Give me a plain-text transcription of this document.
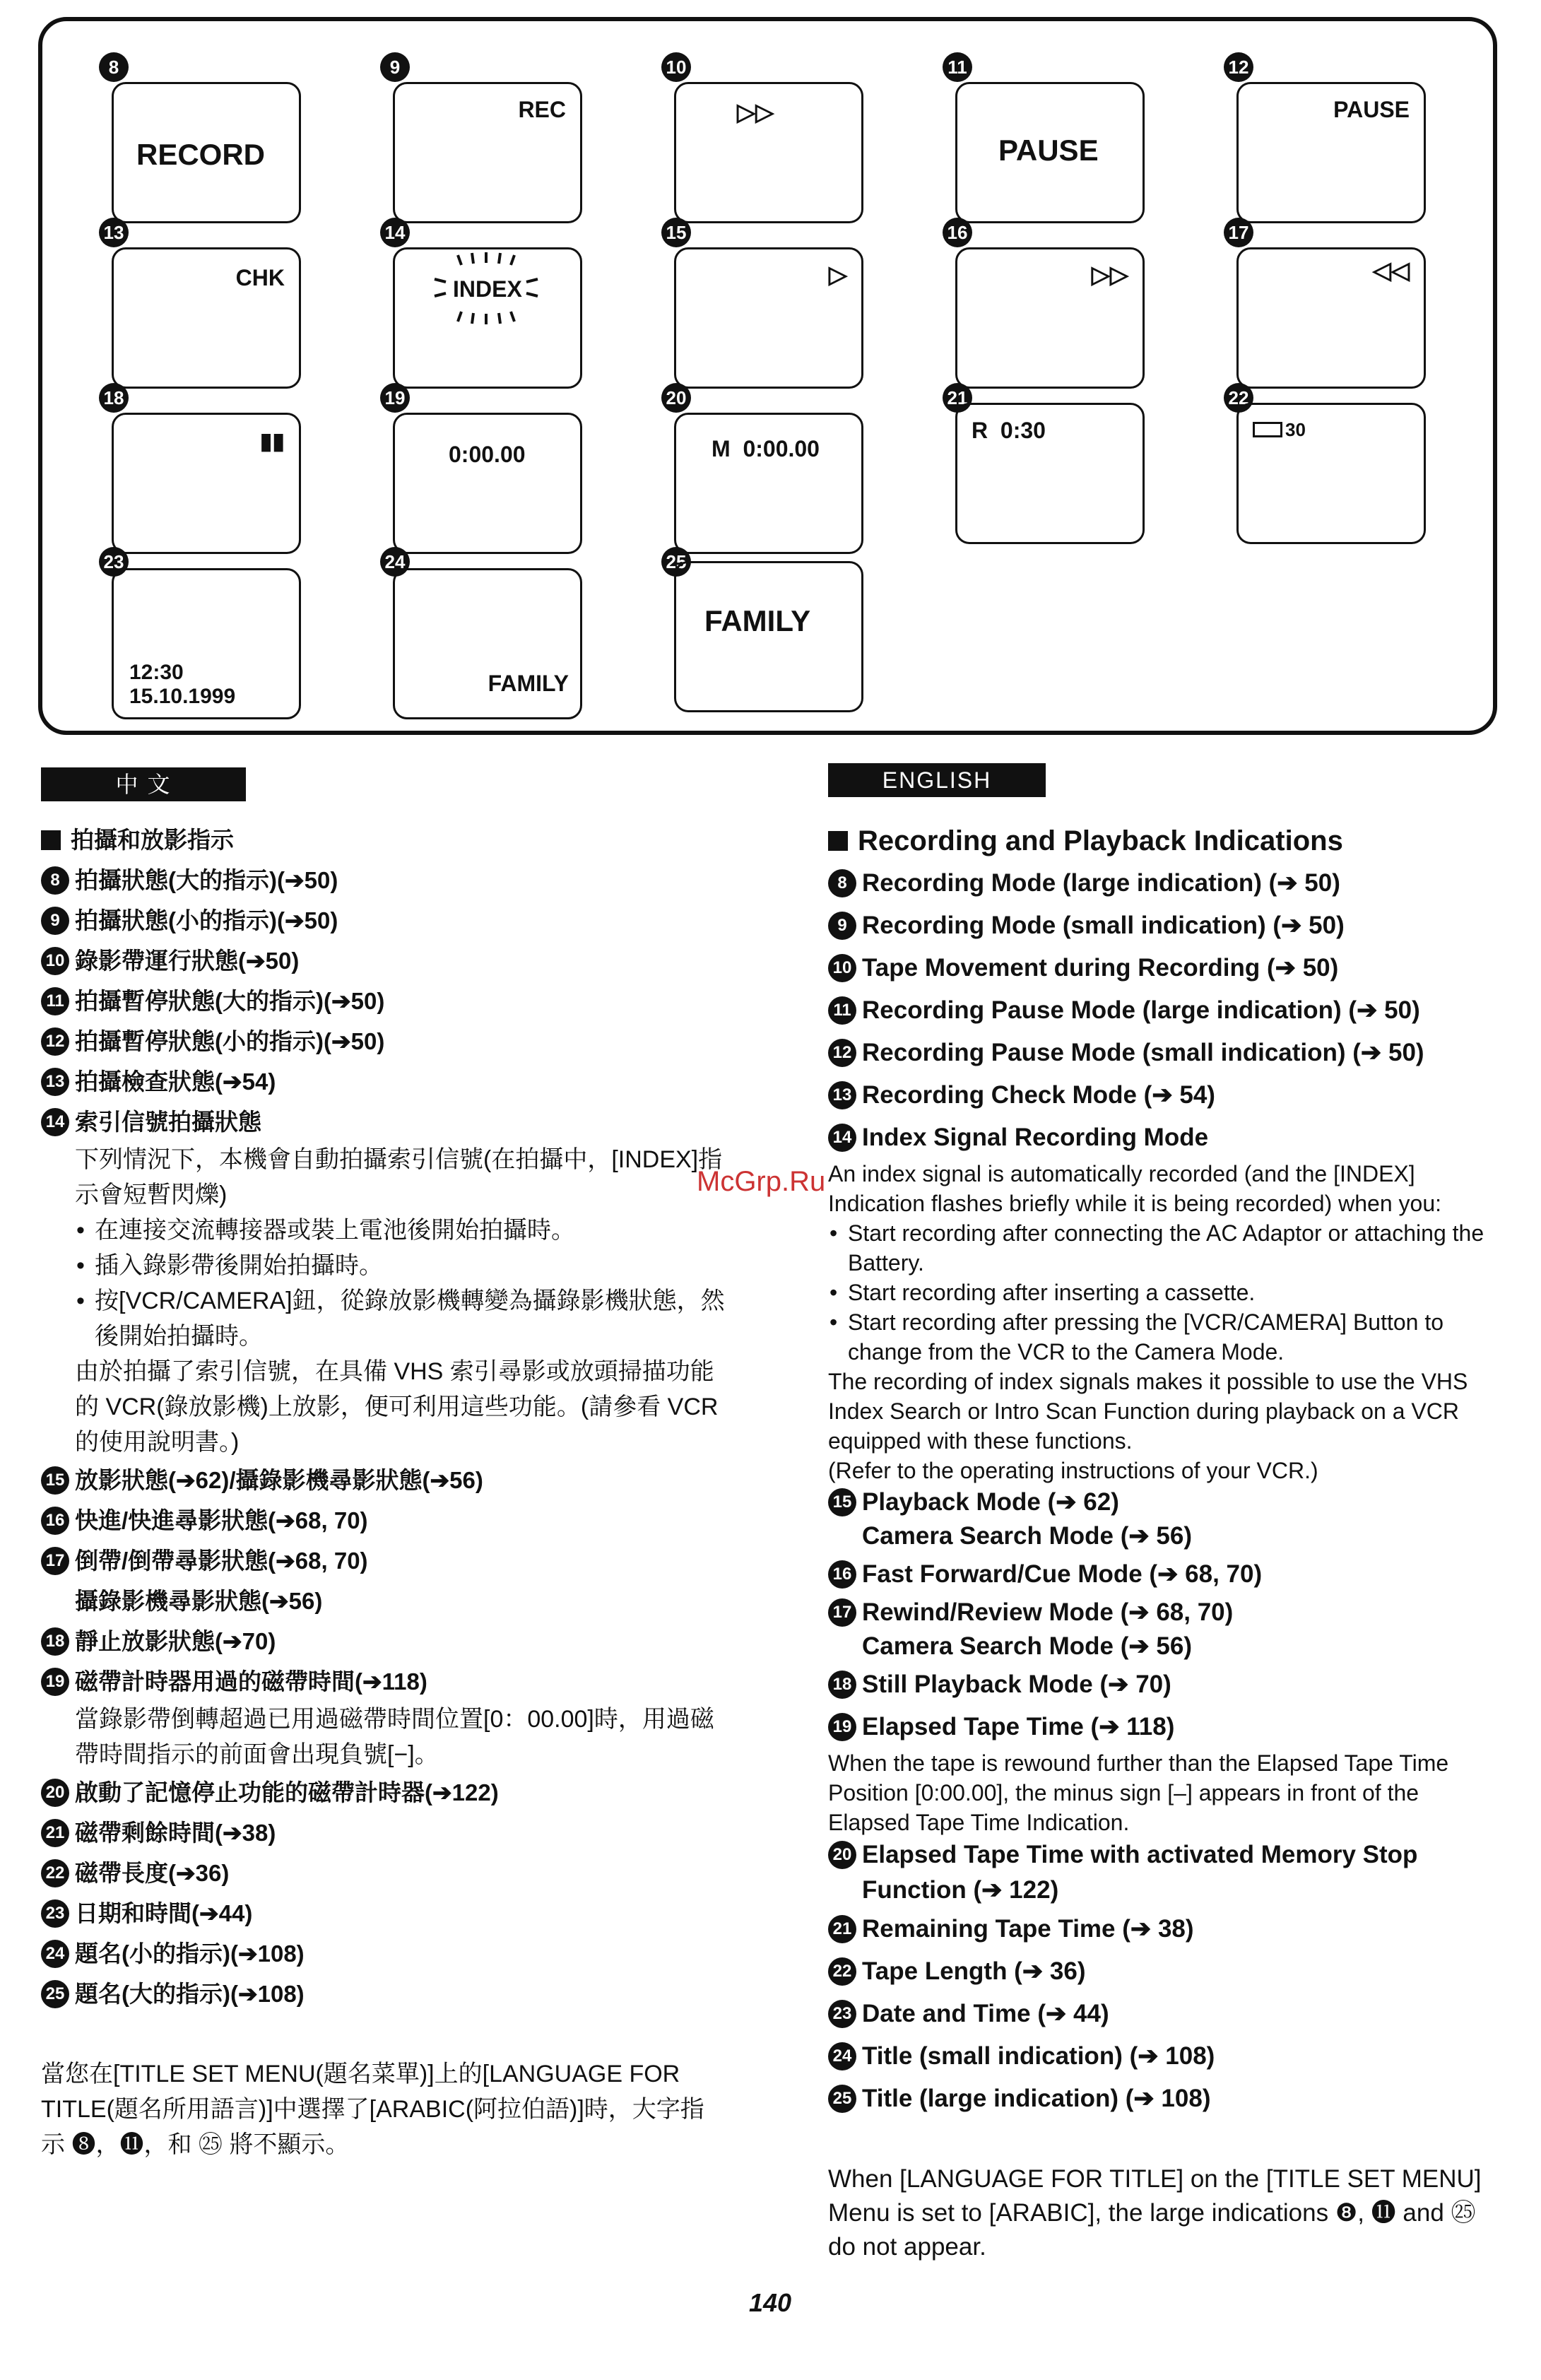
8
RECORD
9
REC
10
▷▷
11
PAUSE
12
PAUSE
13
CHK
14
INDEX
15
▷
16
▷▷
17
◁◁
18
▮▮
19
0:00.00
20
M  0:00.00
21
R  0:30
22
30
23
12:30
15.10.1999
24
FAMILY
25
FAMILY
中 文
拍攝和放影指示
8 拍攝狀態(大的指示)(➔50)
9 拍攝狀態(小的指示)(➔50)
10 錄影帶運行狀態(➔50)
11 拍攝暫停狀態(大的指示)(➔50)
12 拍攝暫停狀態(小的指示)(➔50)
13 拍攝檢查狀態(➔54)
14 索引信號拍攝狀態
下列情況下，本機會自動拍攝索引信號(在拍攝中，[INDEX]指示會短暫閃爍)
• 在連接交流轉接器或裝上電池後開始拍攝時。
• 插入錄影帶後開始拍攝時。
• 按[VCR/CAMERA]鈕，從錄放影機轉變為攝錄影機狀態，然後開始拍攝時。
由於拍攝了索引信號，在具備 VHS 索引尋影或放頭掃描功能的 VCR(錄放影機)上放影，便可利用這些功能。(請參看 VCR 的使用說明書。)
15 放影狀態(➔62)/攝錄影機尋影狀態(➔56)
16 快進/快進尋影狀態(➔68, 70)
17 倒帶/倒帶尋影狀態(➔68, 70)
攝錄影機尋影狀態(➔56)
18 靜止放影狀態(➔70)
19 磁帶計時器用過的磁帶時間(➔118)
當錄影帶倒轉超過已用過磁帶時間位置[0：00.00]時，用過磁帶時間指示的前面會出現負號[−]。
20 啟動了記憶停止功能的磁帶計時器(➔122)
21 磁帶剩餘時間(➔38)
22 磁帶長度(➔36)
23 日期和時間(➔44)
24 題名(小的指示)(➔108)
25 題名(大的指示)(➔108)
當您在[TITLE SET MENU(題名菜單)]上的[LANGUAGE FOR TITLE(題名所用語言)]中選擇了[ARABIC(阿拉伯語)]時，大字指示 ❽，⓫，和 ㉕ 將不顯示。
ENGLISH
Recording and Playback Indications
8 Recording Mode (large indication) (➔ 50)
9 Recording Mode (small indication) (➔ 50)
10 Tape Movement during Recording (➔ 50)
11 Recording Pause Mode (large indication) (➔ 50)
12 Recording Pause Mode (small indication) (➔ 50)
13 Recording Check Mode (➔ 54)
14 Index Signal Recording Mode
An index signal is automatically recorded (and the [INDEX] Indication flashes briefly while it is being recorded) when you:
• Start recording after connecting the AC Adaptor or attaching the Battery.
• Start recording after inserting a cassette.
• Start recording after pressing the [VCR/CAMERA] Button to change from the VCR to the Camera Mode.
The recording of index signals makes it possible to use the VHS Index Search or Intro Scan Function during playback on a VCR equipped with these functions.
(Refer to the operating instructions of your VCR.)
15 Playback Mode (➔ 62)
Camera Search Mode (➔ 56)
16 Fast Forward/Cue Mode (➔ 68, 70)
17 Rewind/Review Mode (➔ 68, 70)
Camera Search Mode (➔ 56)
18 Still Playback Mode (➔ 70)
19 Elapsed Tape Time (➔ 118)
When the tape is rewound further than the Elapsed Tape Time Position [0:00.00], the minus sign [–] appears in front of the Elapsed Tape Time Indication.
20 Elapsed Tape Time with activated Memory Stop
Function (➔ 122)
21 Remaining Tape Time (➔ 38)
22 Tape Length (➔ 36)
23 Date and Time (➔ 44)
24 Title (small indication) (➔ 108)
25 Title (large indication) (➔ 108)
When [LANGUAGE FOR TITLE] on the [TITLE SET MENU] Menu is set to [ARABIC], the large indications ❽, ⓫ and ㉕ do not appear.
McGrp.Ru
140
